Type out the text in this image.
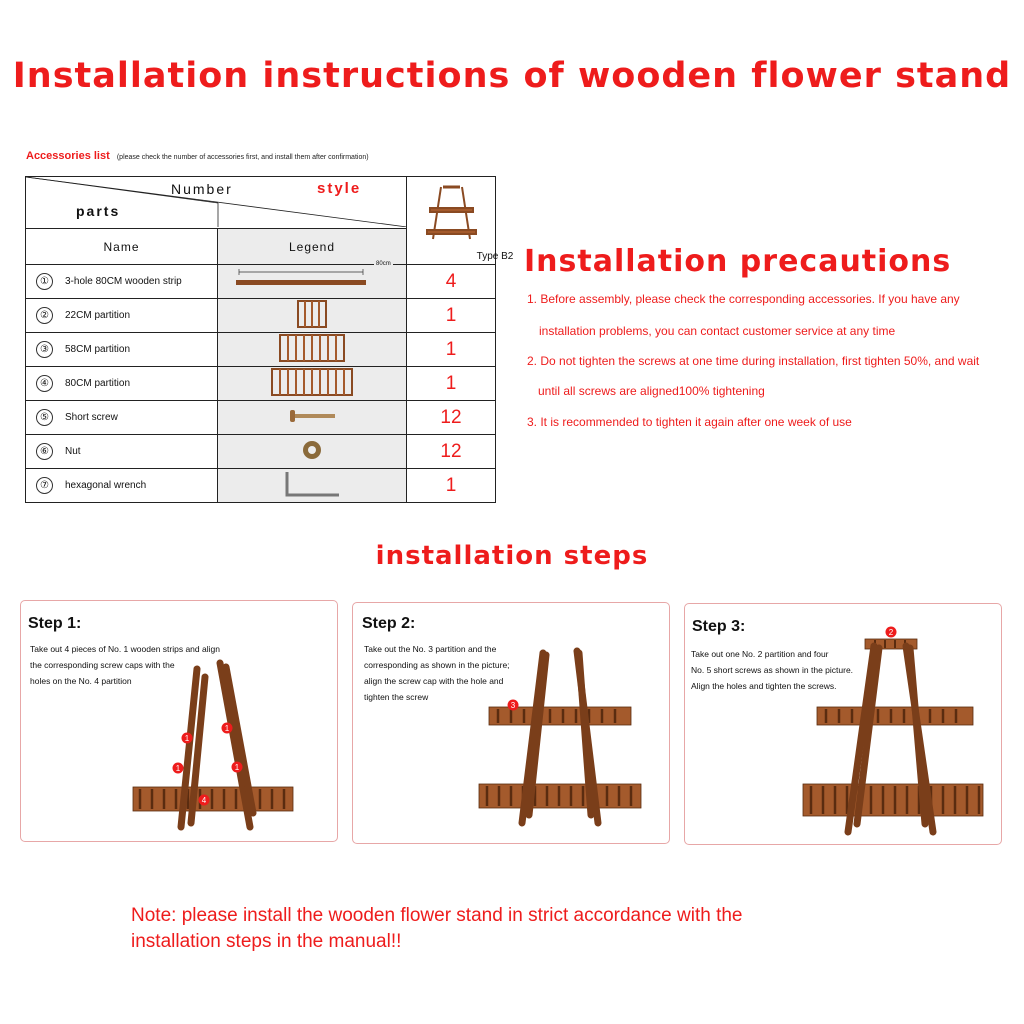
Installation instructions of wooden flower stand
Accessories list (please check the number of accessories first, and install them after confirmation)
Number style
parts		Type B2

Name	Legend	
① 3-hole 80CM wooden strip	$^{80cm}$	4
② 22CM partition		1
③ 58CM partition		1
④ 80CM partition		1
⑤ Short screw		12
⑥ Nut		12
⑦ hexagonal wrench		1
Installation precautions
1. Before assembly, please check the corresponding accessories. If you have any
installation problems, you can contact customer service at any time
2. Do not tighten the screws at one time during installation, first tighten 50%, and wait
until all screws are aligned100% tightening
3. It is recommended to tighten it again after one week of use
installation steps
Step 1:

Take out 4 pieces of No. 1 wooden strips and align
the corresponding screw caps with the
holes on the No. 4 partition

1
1
1	1
4
Step 2:

Take out the No. 3 partition and the
corresponding as shown in the picture;
align the screw cap with the hole and
tighten the screw

3
Step 3:

Take out one No. 2 partition and four
No. 5 short screws as shown in the picture.
Align the holes and tighten the screws.

2
Note: please install the wooden flower stand in strict accordance with the
installation steps in the manual!!
